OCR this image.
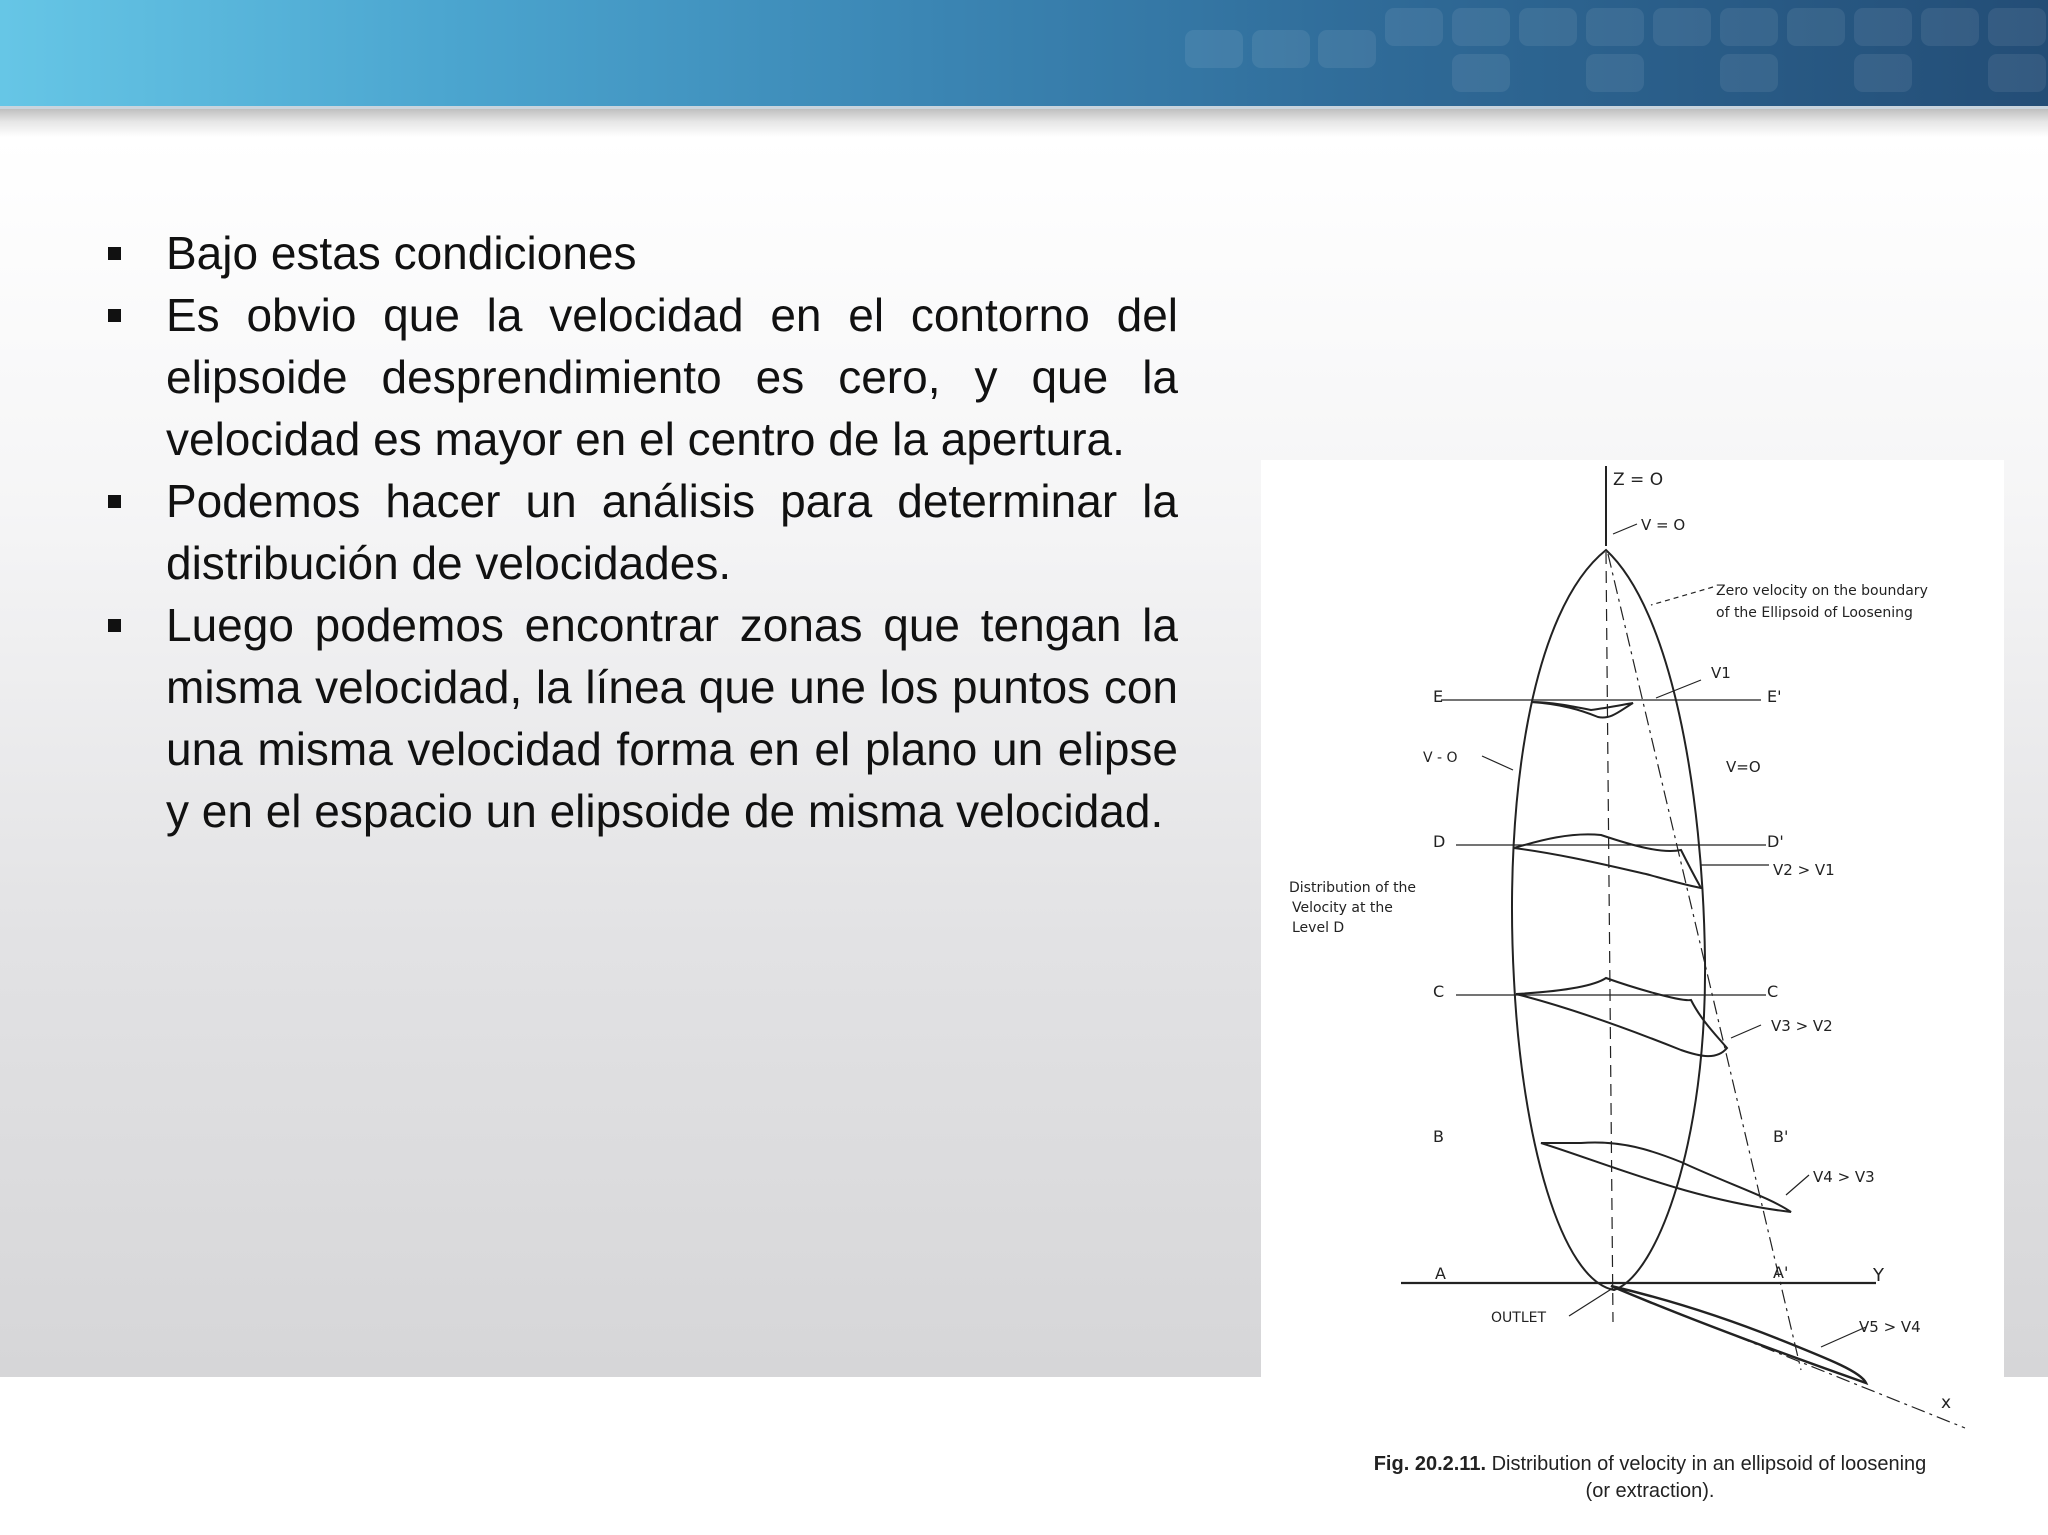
Bajo estas condiciones
Es obvio que la velocidad en el contorno del elipsoide desprendimiento es cero, y que la velocidad es mayor en el centro de la apertura.
Podemos hacer un análisis para determinar la distribución de velocidades.
Luego podemos encontrar zonas que tengan la misma velocidad, la línea que une los puntos con una misma velocidad forma en el plano un elipse y en el espacio un elipsoide de misma velocidad.
Z = O
V = O
Zero velocity on the boundary
of the Ellipsoid of Loosening
V1
E	E'
V - O	V=O
D	D'
V2 > V1
Distribution of the
Velocity at the
Level D
C	C
V3 > V2
B	B'
V4 > V3
A	A'	Y
OUTLET	V5 > V4
x
Fig. 20.2.11. Distribution of velocity in an ellipsoid of loosening
(or extraction).
